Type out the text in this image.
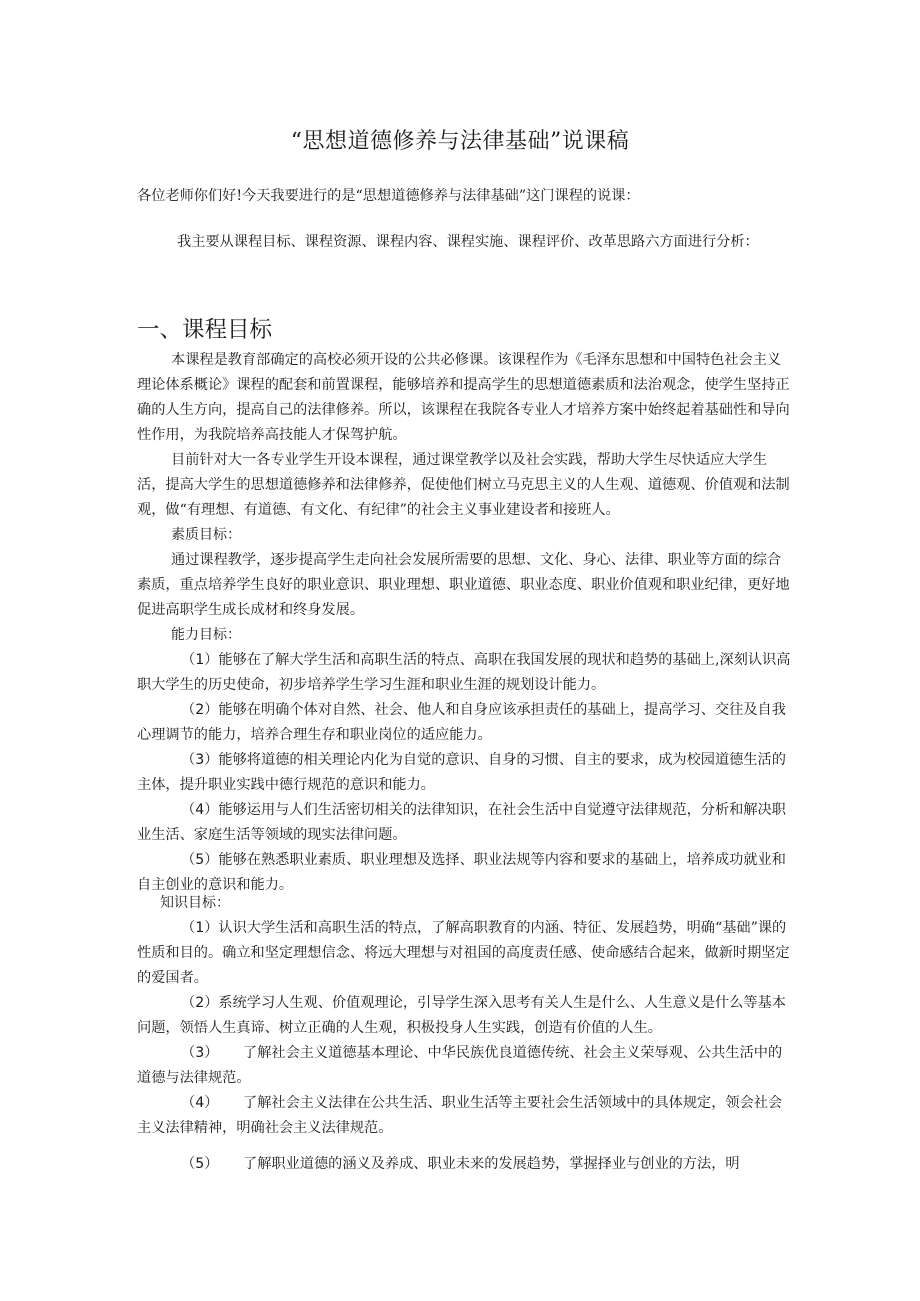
“思想道德修养与法律基础”说课稿

各位老师你们好!今天我要进行的是“思想道德修养与法律基础”这门课程的说课：

我主要从课程目标、课程资源、课程内容、课程实施、课程评价、改革思路六方面进行分析：

一、课程目标

本课程是教育部确定的高校必须开设的公共必修课。该课程作为《毛泽东思想和中国特色社会主义理论体系概论》课程的配套和前置课程，能够培养和提高学生的思想道德素质和法治观念，使学生坚持正确的人生方向，提高自己的法律修养。所以，该课程在我院各专业人才培养方案中始终起着基础性和导向性作用，为我院培养高技能人才保驾护航。

目前针对大一各专业学生开设本课程，通过课堂教学以及社会实践，帮助大学生尽快适应大学生活，提高大学生的思想道德修养和法律修养，促使他们树立马克思主义的人生观、道德观、价值观和法制观，做“有理想、有道德、有文化、有纪律”的社会主义事业建设者和接班人。

素质目标：

通过课程教学，逐步提高学生走向社会发展所需要的思想、文化、身心、法律、职业等方面的综合素质，重点培养学生良好的职业意识、职业理想、职业道德、职业态度、职业价值观和职业纪律，更好地促进高职学生成长成材和终身发展。

能力目标：

（1）能够在了解大学生活和高职生活的特点、高职在我国发展的现状和趋势的基础上,深刻认识高职大学生的历史使命，初步培养学生学习生涯和职业生涯的规划设计能力。

（2）能够在明确个体对自然、社会、他人和自身应该承担责任的基础上，提高学习、交往及自我心理调节的能力，培养合理生存和职业岗位的适应能力。

（3）能够将道德的相关理论内化为自觉的意识、自身的习惯、自主的要求，成为校园道德生活的主体，提升职业实践中德行规范的意识和能力。

（4）能够运用与人们生活密切相关的法律知识，在社会生活中自觉遵守法律规范，分析和解决职业生活、家庭生活等领域的现实法律问题。

（5）能够在熟悉职业素质、职业理想及选择、职业法规等内容和要求的基础上，培养成功就业和自主创业的意识和能力。

知识目标：

（1）认识大学生活和高职生活的特点，了解高职教育的内涵、特征、发展趋势，明确“基础”课的性质和目的。确立和坚定理想信念、将远大理想与对祖国的高度责任感、使命感结合起来，做新时期坚定的爱国者。

（2）系统学习人生观、价值观理论，引导学生深入思考有关人生是什么、人生意义是什么等基本问题，领悟人生真谛、树立正确的人生观，积极投身人生实践，创造有价值的人生。

（3） 了解社会主义道德基本理论、中华民族优良道德传统、社会主义荣辱观、公共生活中的道德与法律规范。

（4） 了解社会主义法律在公共生活、职业生活等主要社会生活领域中的具体规定，领会社会主义法律精神，明确社会主义法律规范。

（5） 了解职业道德的涵义及养成、职业未来的发展趋势，掌握择业与创业的方法，明
